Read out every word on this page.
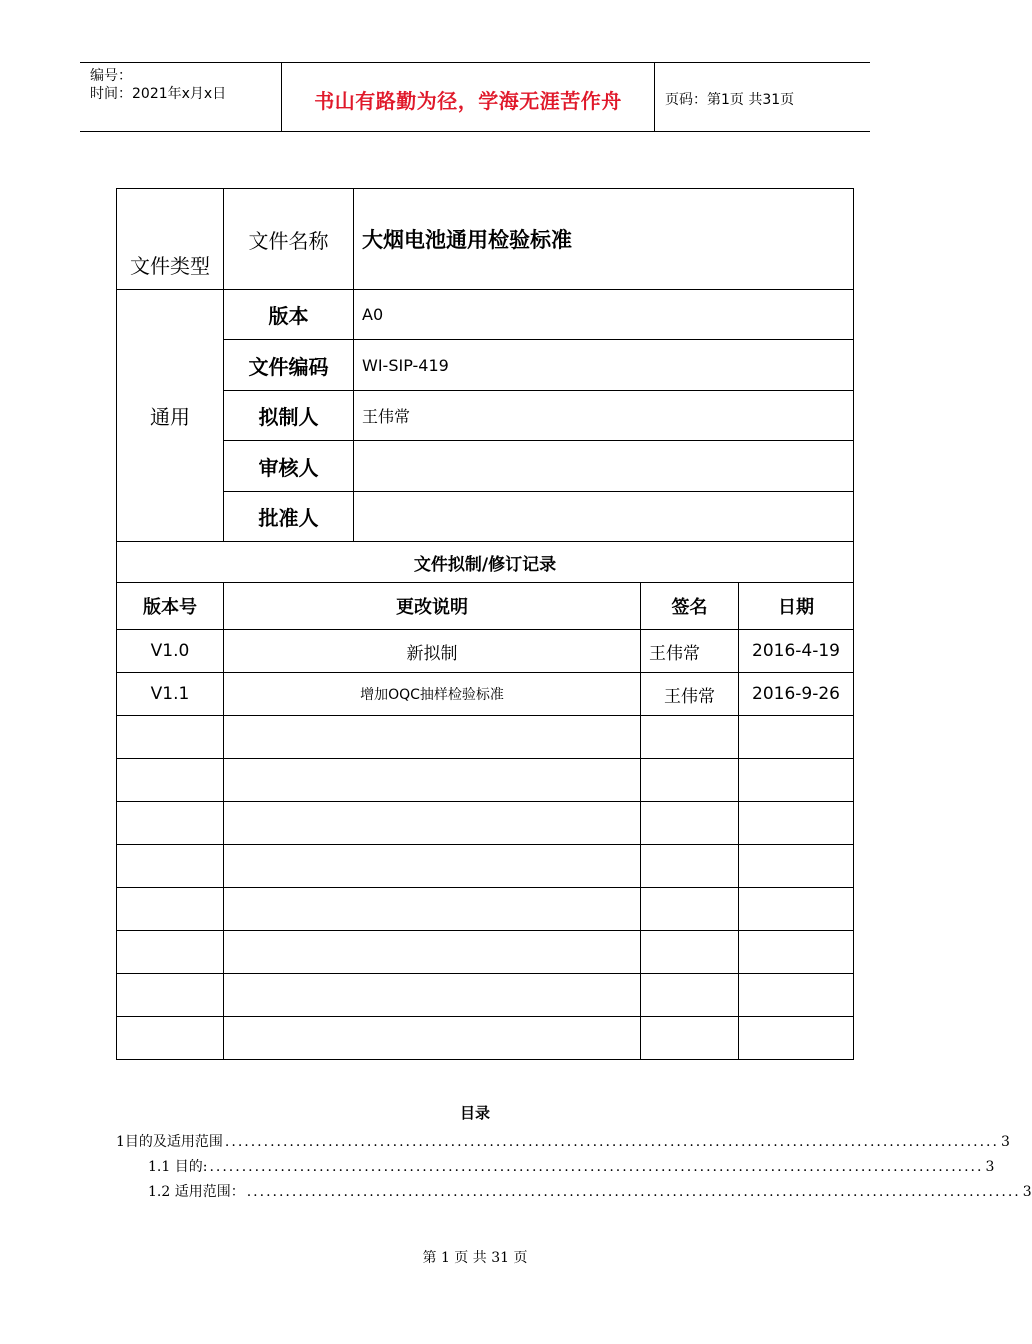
编号：
时间：2021年x月x日	书山有路勤为径，学海无涯苦作舟	页码：第1页 共31页
文件类型	文件名称	大烟电池通用检验标准		
通用	版本	A0		
	文件编码	WI-SIP-419		
	拟制人	王伟常		
	审核人			
	批准人			
文件拟制/修订记录				
版本号	更改说明		签名	日期
V1.0	新拟制		王伟常	2016-4-19
V1.1	增加OQC抽样检验标准		王伟常	2016-9-26

目录
1目的及适用范围 ........................................................................................................................ 3
1.1 目的: ........................................................................................................................ 3
1.2 适用范围： ........................................................................................................................ 3
第 1 页 共 31 页
